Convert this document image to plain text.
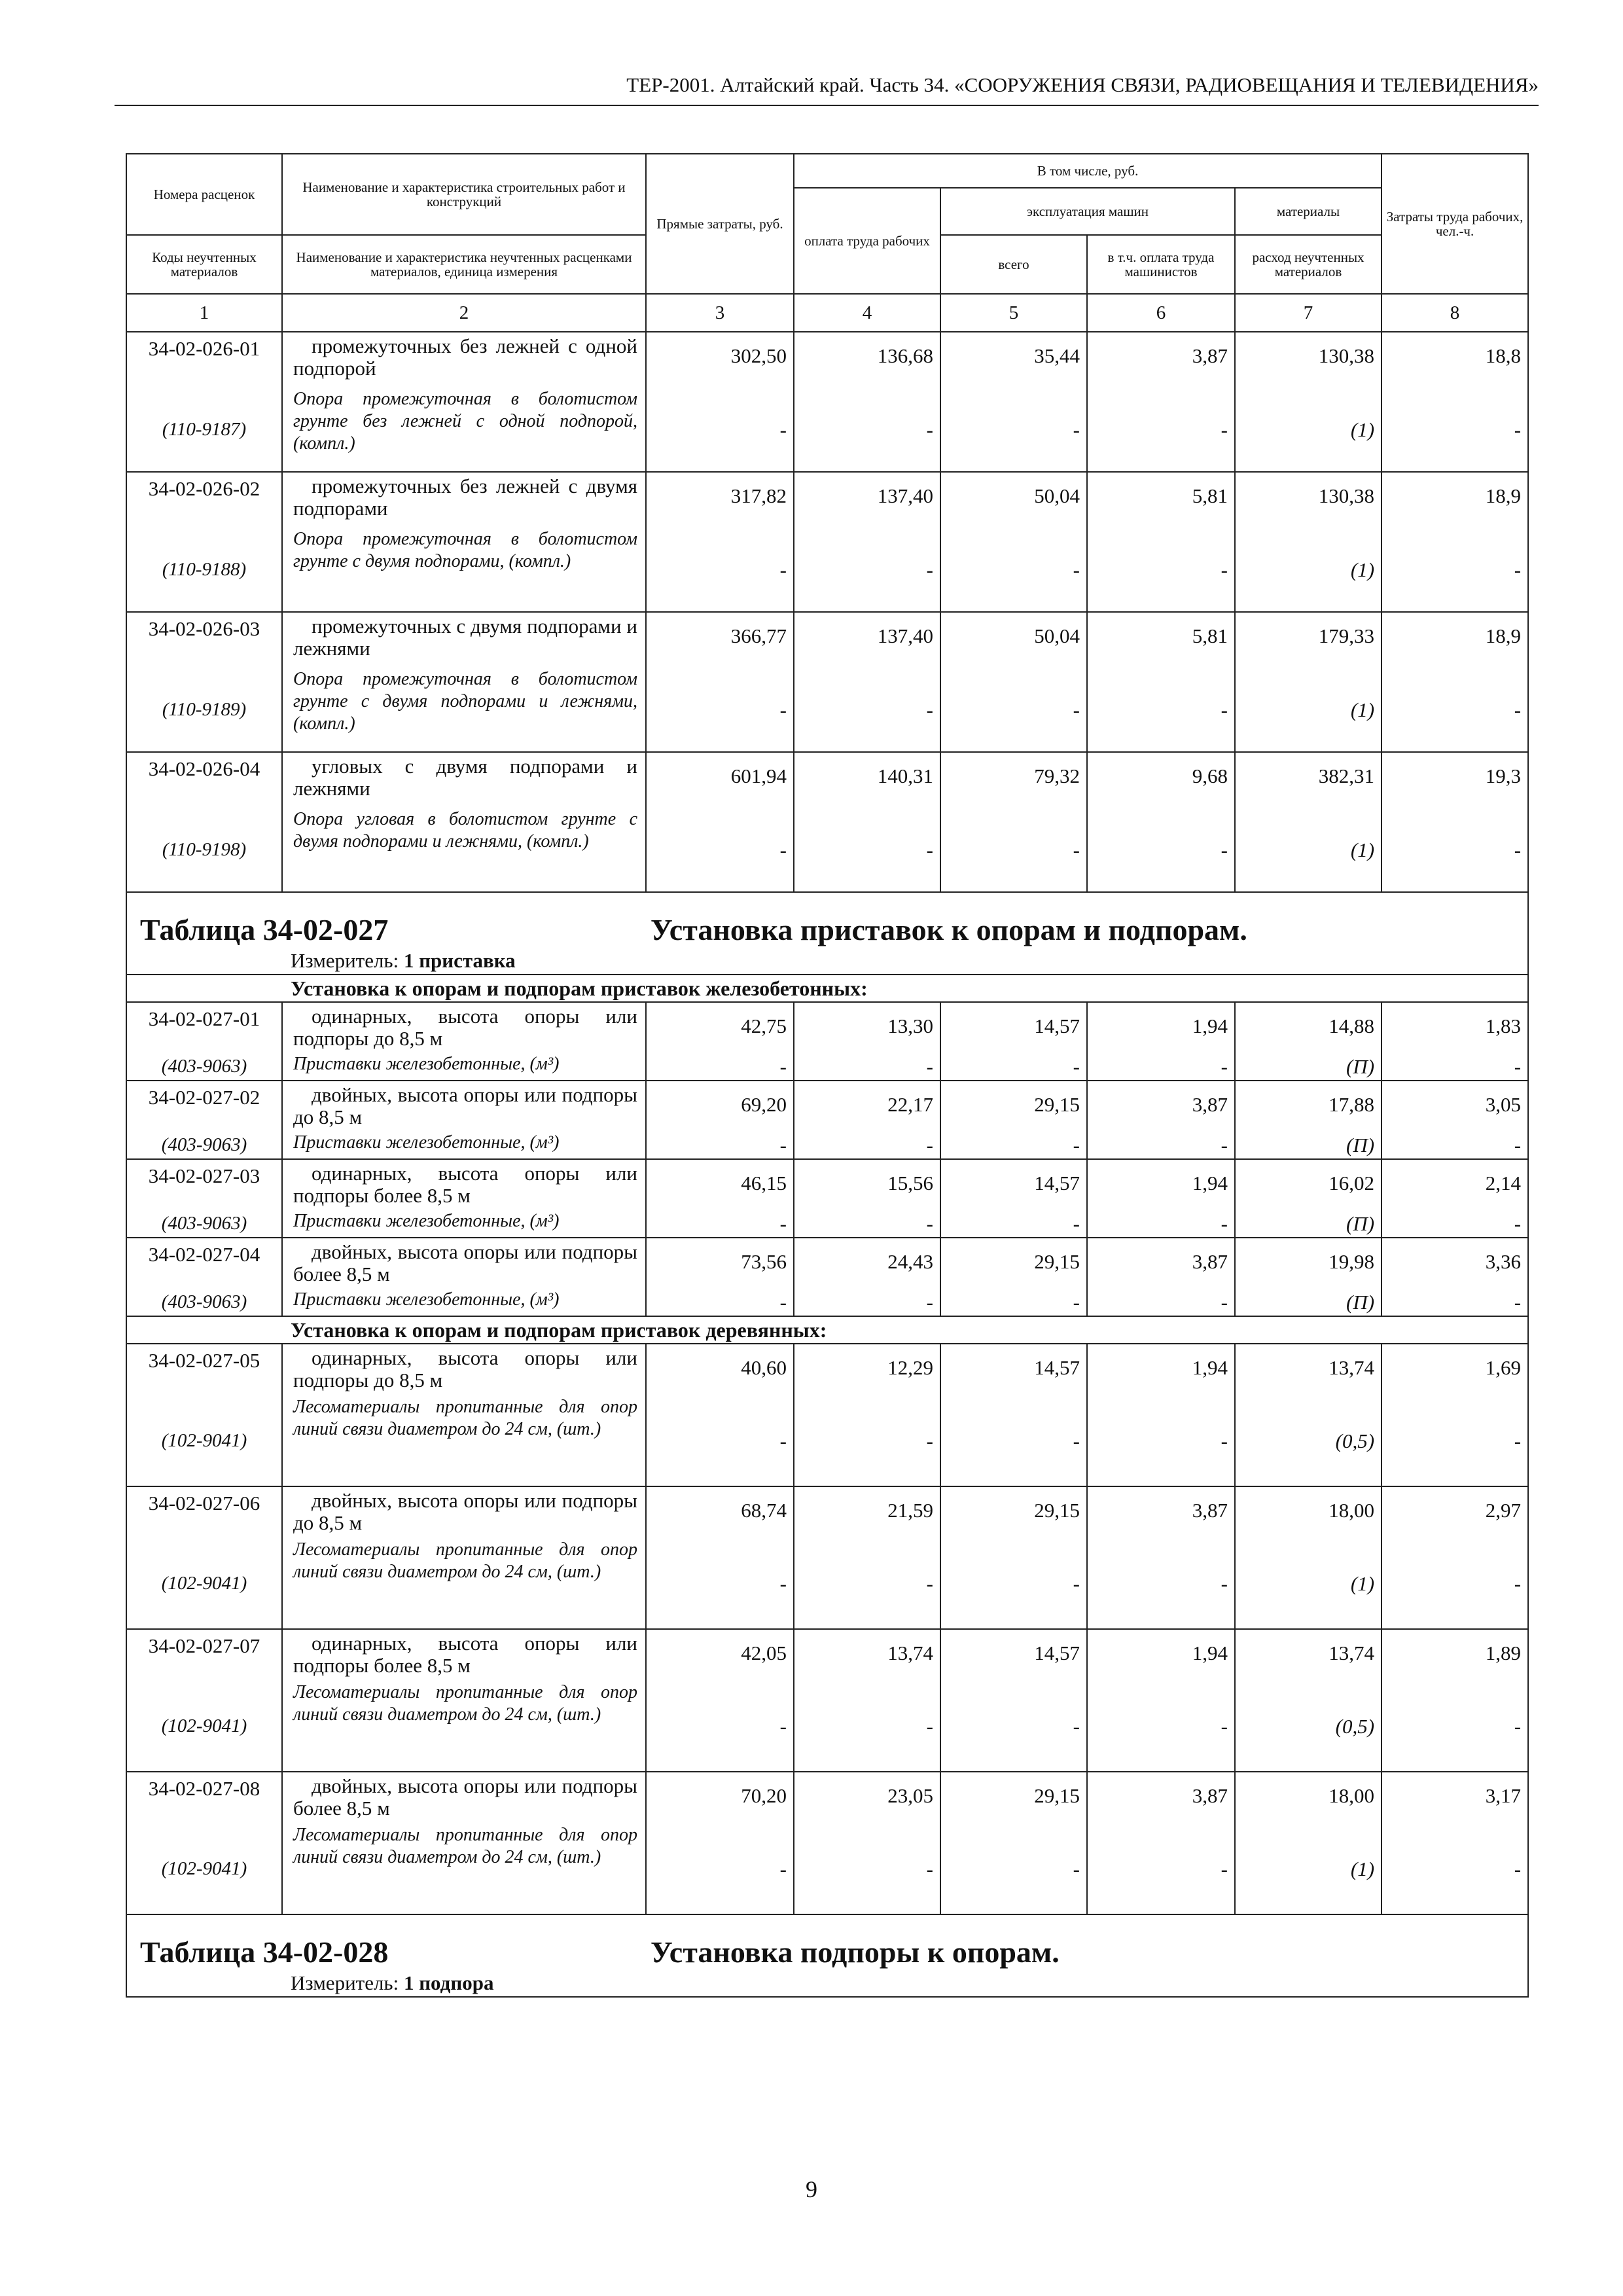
ТЕР-2001. Алтайский край. Часть 34. «СООРУЖЕНИЯ СВЯЗИ, РАДИОВЕЩАНИЯ И ТЕЛЕВИДЕНИЯ»
Номера расценок	Наименование и характеристика строительных работ и конструкций	Прямые затраты, руб.	В том числе, руб.				Затраты труда рабочих, чел.-ч.
			оплата труда рабочих	эксплуатация машин		материалы	
Коды неучтенных материалов	Наименование и характеристика неучтенных расценками материалов, единица измерения			всего	в т.ч. оплата труда машинистов	расход неучтенных материалов	
1	2	3	4	5	6	7	8
34-02-026-01	промежуточных без лежней с одной подпорой	302,50	136,68	35,44	3,87	130,38	18,8
(110-9187)	Опора промежуточная в болотистом грунте без лежней с одной подпорой, (компл.)	-	-	-	-	(1)	-
34-02-026-02	промежуточных без лежней с двумя подпорами	317,82	137,40	50,04	5,81	130,38	18,9
(110-9188)	Опора промежуточная в болотистом грунте с двумя подпорами, (компл.)	-	-	-	-	(1)	-
34-02-026-03	промежуточных с двумя подпорами и лежнями	366,77	137,40	50,04	5,81	179,33	18,9
(110-9189)	Опора промежуточная в болотистом грунте с двумя подпорами и лежнями, (компл.)	-	-	-	-	(1)	-
34-02-026-04	угловых с двумя подпорами и лежнями	601,94	140,31	79,32	9,68	382,31	19,3
(110-9198)	Опора угловая в болотистом грунте с двумя подпорами и лежнями, (компл.)	-	-	-	-	(1)	-

Таблица 34-02-027 Установка приставок к опорам и подпорам.							

Измеритель: 1 приставка							
Установка к опорам и подпорам приставок железобетонных:							
34-02-027-01	одинарных, высота опоры или подпоры до 8,5 м	42,75	13,30	14,57	1,94	14,88	1,83
(403-9063)	Приставки железобетонные, (м³)	-	-	-	-	(П)	-
34-02-027-02	двойных, высота опоры или подпоры до 8,5 м	69,20	22,17	29,15	3,87	17,88	3,05
(403-9063)	Приставки железобетонные, (м³)	-	-	-	-	(П)	-
34-02-027-03	одинарных, высота опоры или подпоры более 8,5 м	46,15	15,56	14,57	1,94	16,02	2,14
(403-9063)	Приставки железобетонные, (м³)	-	-	-	-	(П)	-
34-02-027-04	двойных, высота опоры или подпоры более 8,5 м	73,56	24,43	29,15	3,87	19,98	3,36
(403-9063)	Приставки железобетонные, (м³)	-	-	-	-	(П)	-
Установка к опорам и подпорам приставок деревянных:							
34-02-027-05	одинарных, высота опоры или подпоры до 8,5 м	40,60	12,29	14,57	1,94	13,74	1,69
(102-9041)	Лесоматериалы пропитанные для опор линий связи диаметром до 24 см, (шт.)	-	-	-	-	(0,5)	-
34-02-027-06	двойных, высота опоры или подпоры до 8,5 м	68,74	21,59	29,15	3,87	18,00	2,97
(102-9041)	Лесоматериалы пропитанные для опор линий связи диаметром до 24 см, (шт.)	-	-	-	-	(1)	-
34-02-027-07	одинарных, высота опоры или подпоры более 8,5 м	42,05	13,74	14,57	1,94	13,74	1,89
(102-9041)	Лесоматериалы пропитанные для опор линий связи диаметром до 24 см, (шт.)	-	-	-	-	(0,5)	-
34-02-027-08	двойных, высота опоры или подпоры более 8,5 м	70,20	23,05	29,15	3,87	18,00	3,17
(102-9041)	Лесоматериалы пропитанные для опор линий связи диаметром до 24 см, (шт.)	-	-	-	-	(1)	-

Таблица 34-02-028 Установка подпоры к опорам.							

Измеритель: 1 подпора							
9
